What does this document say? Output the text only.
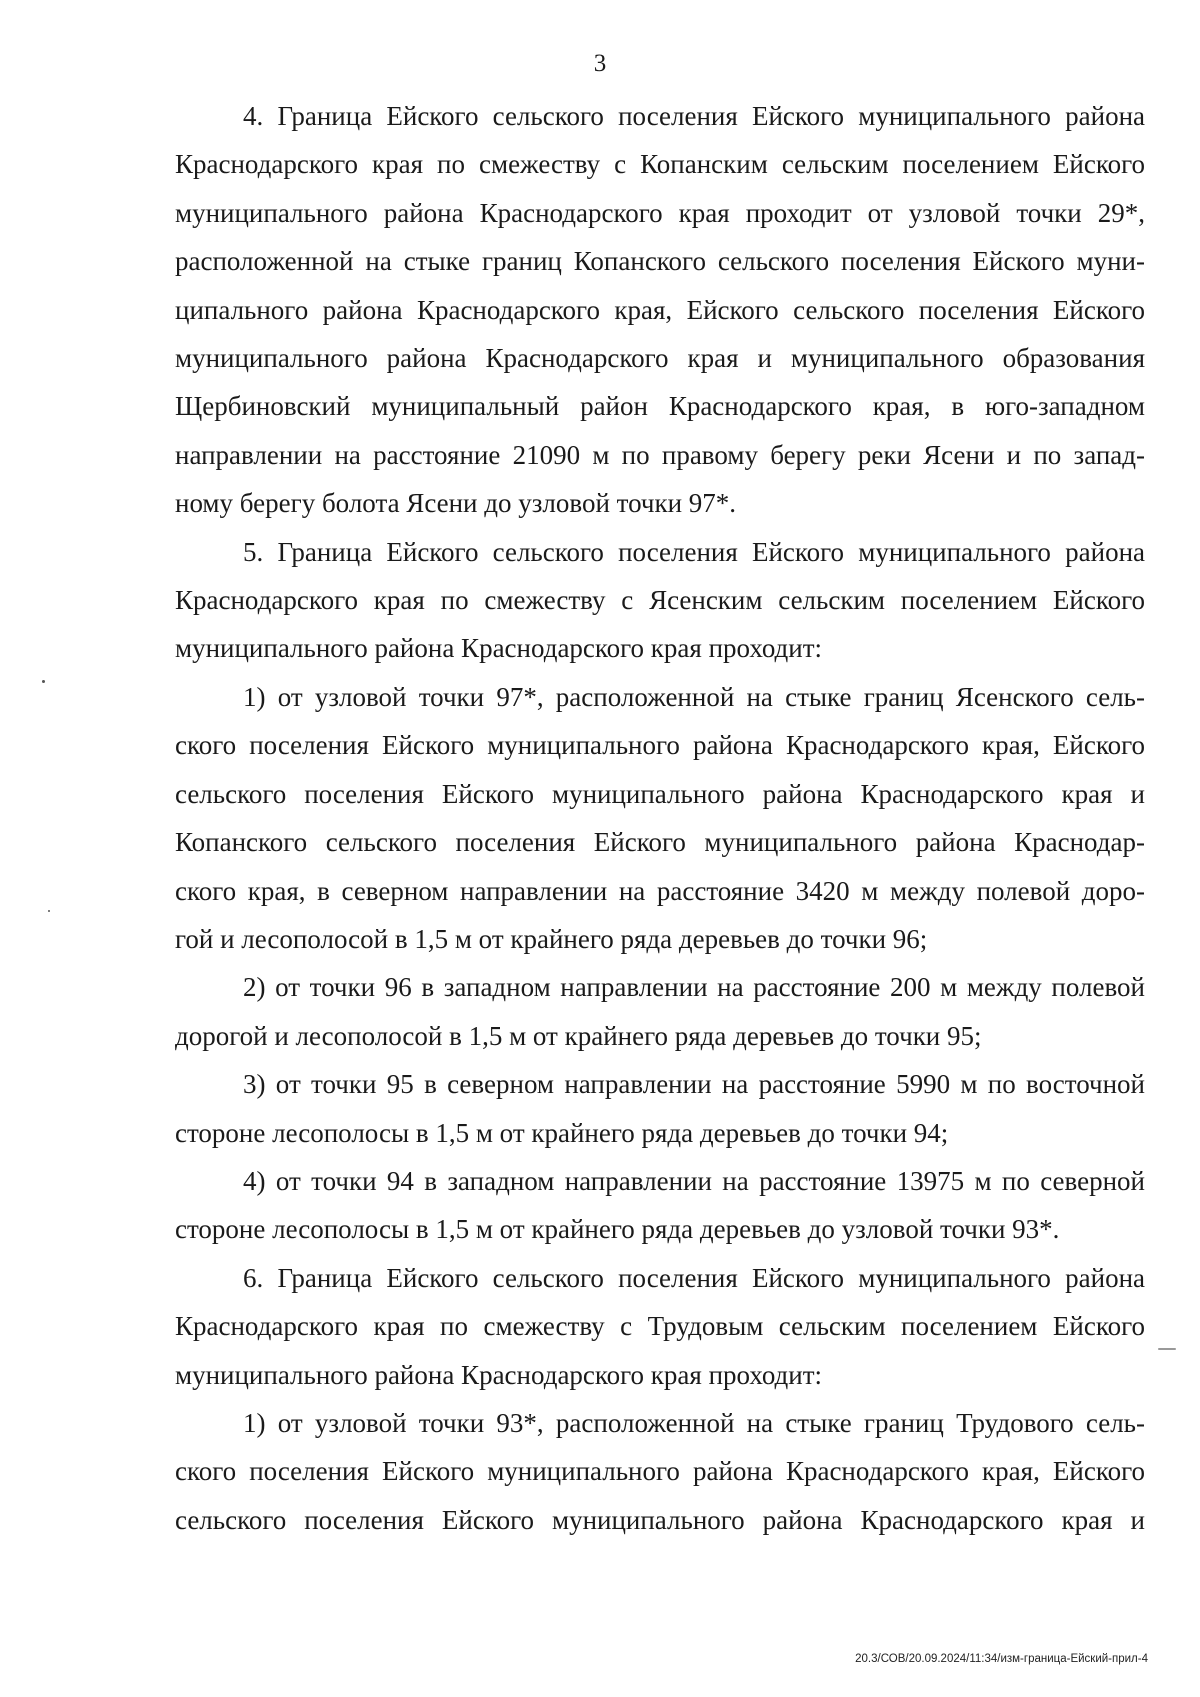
3
4. Граница Ейского сельского поселения Ейского муниципального района
Краснодарского края по смежеству с Копанским сельским поселением Ейского
муниципального района Краснодарского края проходит от узловой точки 29*,
расположенной на стыке границ Копанского сельского поселения Ейского муни-
ципального района Краснодарского края, Ейского сельского поселения Ейского
муниципального района Краснодарского края и муниципального образования
Щербиновский муниципальный район Краснодарского края, в юго-западном
направлении на расстояние 21090 м по правому берегу реки Ясени и по запад-
ному берегу болота Ясени до узловой точки 97*.
5. Граница Ейского сельского поселения Ейского муниципального района
Краснодарского края по смежеству с Ясенским сельским поселением Ейского
муниципального района Краснодарского края проходит:
1) от узловой точки 97*, расположенной на стыке границ Ясенского сель-
ского поселения Ейского муниципального района Краснодарского края, Ейского
сельского поселения Ейского муниципального района Краснодарского края и
Копанского сельского поселения Ейского муниципального района Краснодар-
ского края, в северном направлении на расстояние 3420 м между полевой доро-
гой и лесополосой в 1,5 м от крайнего ряда деревьев до точки 96;
2) от точки 96 в западном направлении на расстояние 200 м между полевой
дорогой и лесополосой в 1,5 м от крайнего ряда деревьев до точки 95;
3) от точки 95 в северном направлении на расстояние 5990 м по восточной
стороне лесополосы в 1,5 м от крайнего ряда деревьев до точки 94;
4) от точки 94 в западном направлении на расстояние 13975 м по северной
стороне лесополосы в 1,5 м от крайнего ряда деревьев до узловой точки 93*.
6. Граница Ейского сельского поселения Ейского муниципального района
Краснодарского края по смежеству с Трудовым сельским поселением Ейского
муниципального района Краснодарского края проходит:
1) от узловой точки 93*, расположенной на стыке границ Трудового сель-
ского поселения Ейского муниципального района Краснодарского края, Ейского
сельского поселения Ейского муниципального района Краснодарского края и
20.3/СОВ/20.09.2024/11:34/изм-граница-Ейский-прил-4
